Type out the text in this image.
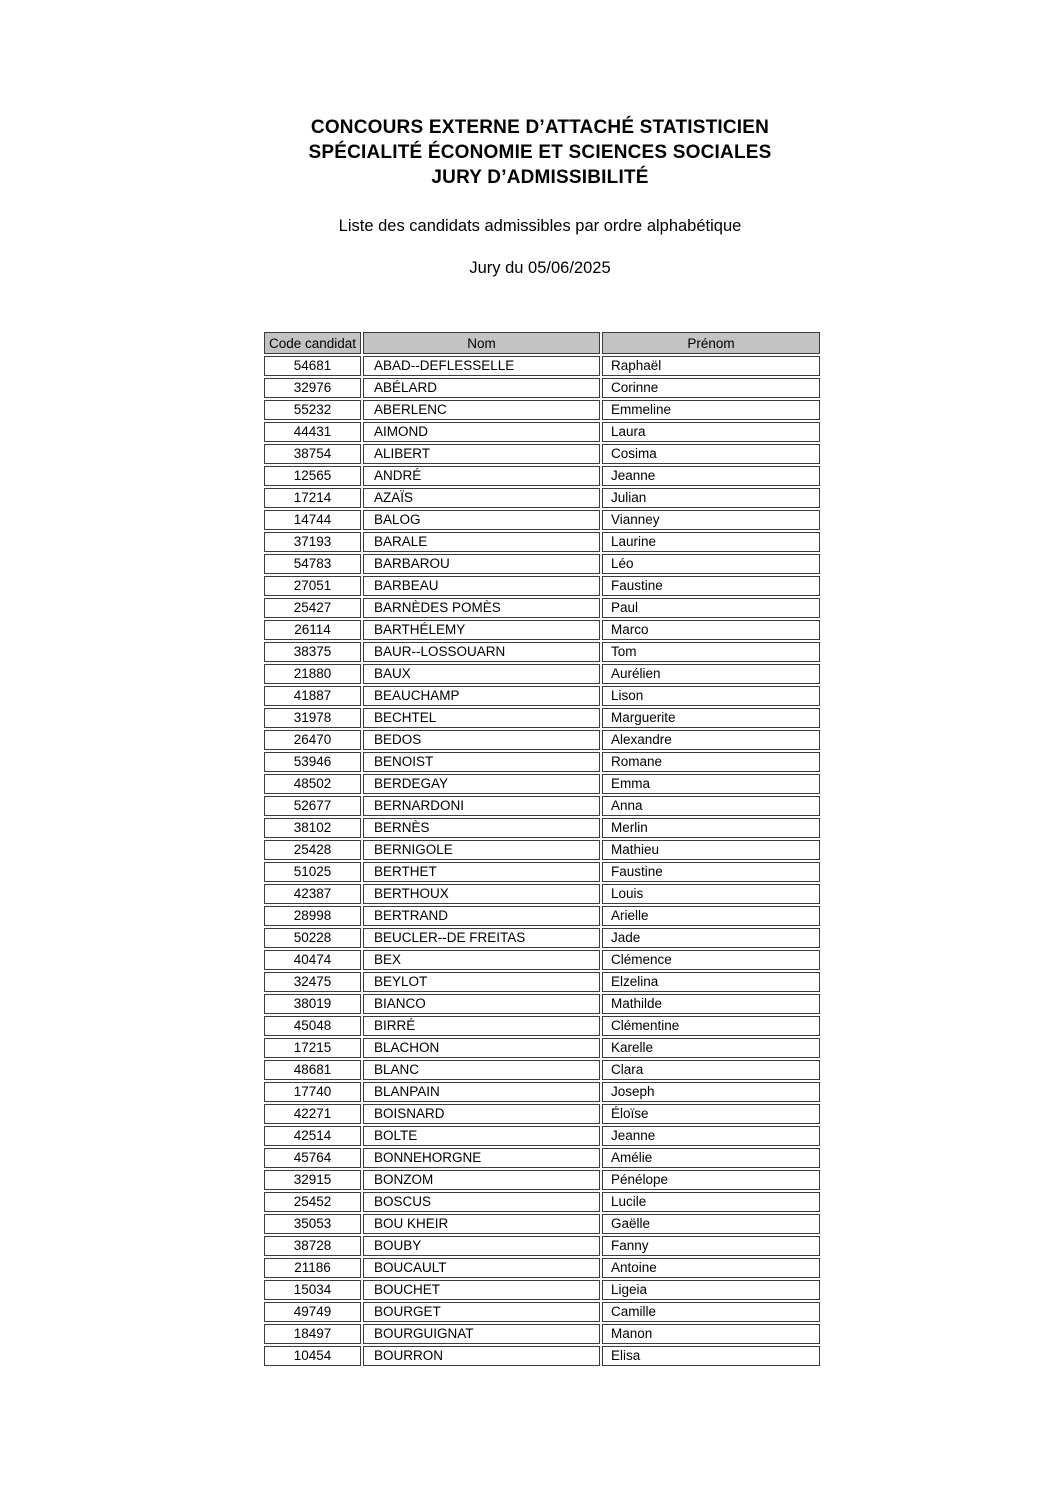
CONCOURS EXTERNE D’ATTACHÉ STATISTICIEN
SPÉCIALITÉ ÉCONOMIE ET SCIENCES SOCIALES
JURY D’ADMISSIBILITÉ
Liste des candidats admissibles par ordre alphabétique
Jury du 05/06/2025
Code candidat	Nom	Prénom
54681	ABAD--DEFLESSELLE	Raphaël
32976	ABÉLARD	Corinne
55232	ABERLENC	Emmeline
44431	AIMOND	Laura
38754	ALIBERT	Cosima
12565	ANDRÉ	Jeanne
17214	AZAÏS	Julian
14744	BALOG	Vianney
37193	BARALE	Laurine
54783	BARBAROU	Léo
27051	BARBEAU	Faustine
25427	BARNÈDES POMÈS	Paul
26114	BARTHÉLEMY	Marco
38375	BAUR--LOSSOUARN	Tom
21880	BAUX	Aurélien
41887	BEAUCHAMP	Lison
31978	BECHTEL	Marguerite
26470	BEDOS	Alexandre
53946	BENOIST	Romane
48502	BERDEGAY	Emma
52677	BERNARDONI	Anna
38102	BERNÈS	Merlin
25428	BERNIGOLE	Mathieu
51025	BERTHET	Faustine
42387	BERTHOUX	Louis
28998	BERTRAND	Arielle
50228	BEUCLER--DE FREITAS	Jade
40474	BEX	Clémence
32475	BEYLOT	Elzelina
38019	BIANCO	Mathilde
45048	BIRRÉ	Clémentine
17215	BLACHON	Karelle
48681	BLANC	Clara
17740	BLANPAIN	Joseph
42271	BOISNARD	Éloïse
42514	BOLTE	Jeanne
45764	BONNEHORGNE	Amélie
32915	BONZOM	Pénélope
25452	BOSCUS	Lucile
35053	BOU KHEIR	Gaëlle
38728	BOUBY	Fanny
21186	BOUCAULT	Antoine
15034	BOUCHET	Ligeia
49749	BOURGET	Camille
18497	BOURGUIGNAT	Manon
10454	BOURRON	Elisa
